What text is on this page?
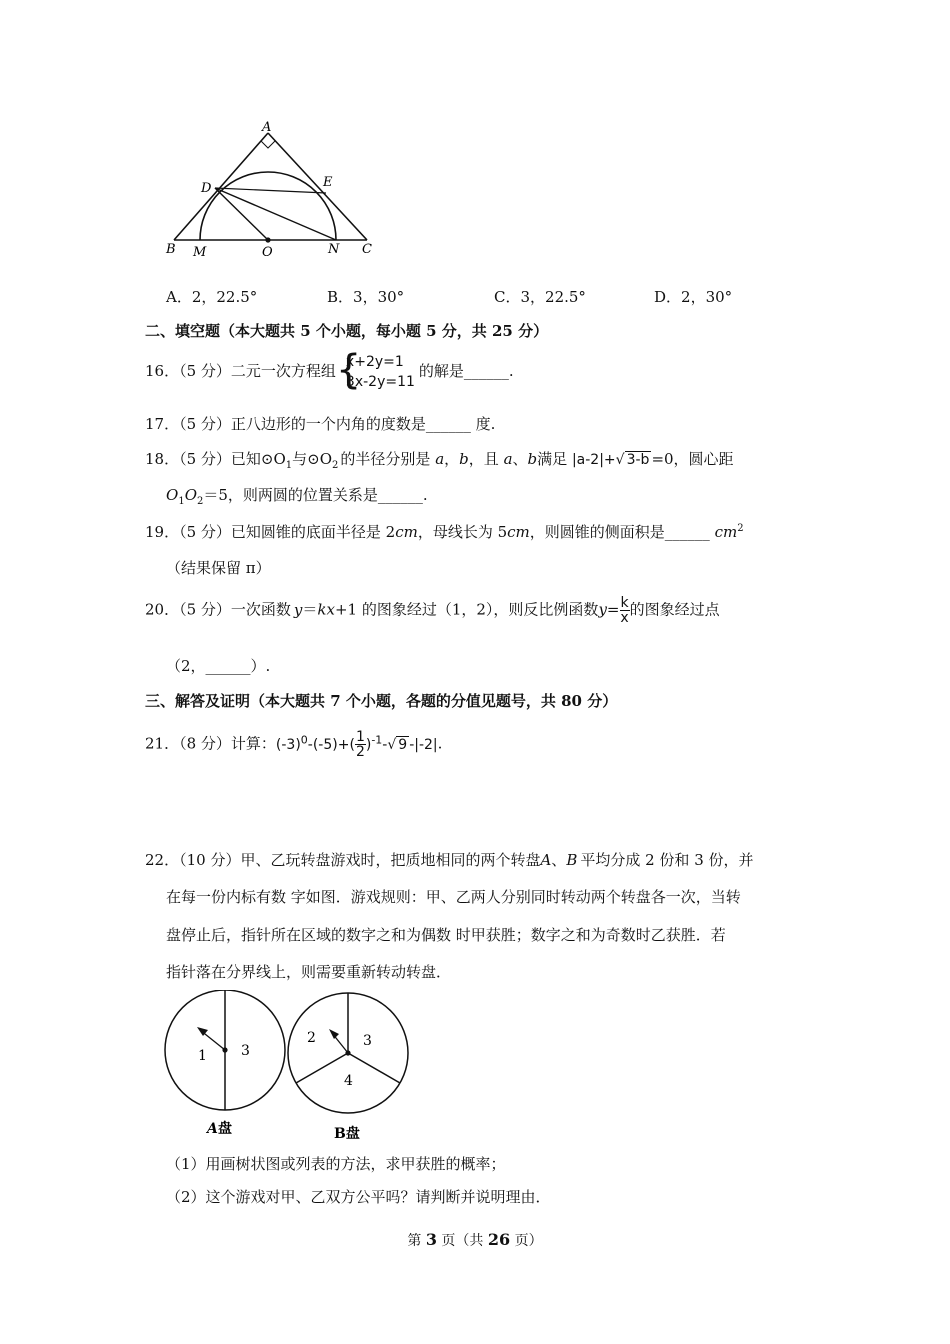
A
D	E
B M	O	N C
A．2，22.5°	B．3，30°	C．3，22.5°	D．2，30°
二、填空题（本大题共 5 个小题，每小题 5 分，共 25 分）
16．（5 分）二元一次方程组 {
x+2y=1
3x-2y=11
的解是______.
17．（5 分）正八边形的一个内角的度数是______ 度.
18．（5 分）已知$⊙O_1$与$⊙O_2$ 的半径分别是 a，b，且 a、b满足 |a-2|+√ 3-b =0，圆心距
$O_1O_2=5$，则两圆的位置关系是______.
19．（5 分）已知圆锥的底面半径是 2cm，母线长为 5cm，则圆锥的侧面积是______ $cm^2$
（结果保留 π）
20．（5 分）一次函数 y＝kx+1 的图象经过（1，2），则反比例函数$y= \frac{k}{x}$ 的图象经过点
（2，______）.
三、解答及证明（本大题共 7 个小题，各题的分值见题号，共 80 分）
21．（8 分）计算：$(-3)^0-(-5)+( \frac{1}{2} )^{-1}-√$ 9 -|-2|.
22．（10 分）甲、乙玩转盘游戏时，把质地相同的两个转盘A、B 平均分成 2 份和 3 份，并
在每一份内标有数 字如图．游戏规则：甲、乙两人分别同时转动两个转盘各一次，当转
盘停止后，指针所在区域的数字之和为偶数 时甲获胜；数字之和为奇数时乙获胜．若
指针落在分界线上，则需要重新转动转盘．
1 3
2	3
4
A 盘	B盘
（1）用画树状图或列表的方法，求甲获胜的概率；
（2）这个游戏对甲、乙双方公平吗？请判断并说明理由．
第 3 页（共 26 页）
